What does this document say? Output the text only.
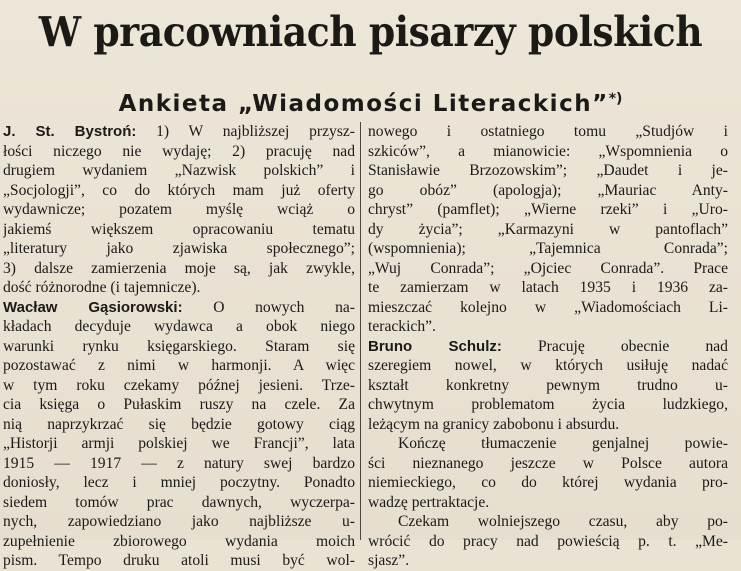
W pracowniach pisarzy polskich
Ankieta „Wiadomości Literackich”*)
J. St. Bystroń: 1) W najbliższej przysz-
łości niczego nie wydaję; 2) pracuję nad
drugiem wydaniem „Nazwisk polskich” i
„Socjologji”, co do których mam już oferty
wydawnicze; pozatem myślę wciąż o
jakiemś większem opracowaniu tematu
„literatury jako zjawiska społecznego”;
3) dalsze zamierzenia moje są, jak zwykle,
dość różnorodne (i tajemnicze).
Wacław Gąsiorowski: O nowych na-
kładach decyduje wydawca a obok niego
warunki rynku księgarskiego. Staram się
pozostawać z nimi w harmonji. A więc
w tym roku czekamy późnej jesieni. Trze-
cia księga o Pułaskim ruszy na czele. Za
nią naprzykrzać się będzie gotowy ciąg
„Historji armji polskiej we Francji”, lata
1915 — 1917 — z natury swej bardzo
doniosły, lecz i mniej poczytny. Ponadto
siedem tomów prac dawnych, wyczerpa-
nych, zapowiedziano jako najbliższe u-
zupełnienie zbiorowego wydania moich
pism. Tempo druku atoli musi być wol-
nowego i ostatniego tomu „Studjów i
szkiców”, a mianowicie: „Wspomnienia o
Stanisławie Brzozowskim”; „Daudet i je-
go obóz” (apologja); „Mauriac Anty-
chryst” (pamflet); „Wierne rzeki” i „Uro-
dy życia”; „Karmazyni w pantoflach”
(wspomnienia); „Tajemnica Conrada”;
„Wuj Conrada”; „Ojciec Conrada”. Prace
te zamierzam w latach 1935 i 1936 za-
mieszczać kolejno w „Wiadomościach Li-
terackich”.
Bruno Schulz: Pracuję obecnie nad
szeregiem nowel, w których usiłuję nadać
kształt konkretny pewnym trudno u-
chwytnym problematom życia ludzkiego,
leżącym na granicy zabobonu i absurdu.
Kończę tłumaczenie genjalnej powie-
ści nieznanego jeszcze w Polsce autora
niemieckiego, co do której wydania pro-
wadzę pertraktacje.
Czekam wolniejszego czasu, aby po-
wrócić do pracy nad powieścią p. t. „Me-
sjasz”.
